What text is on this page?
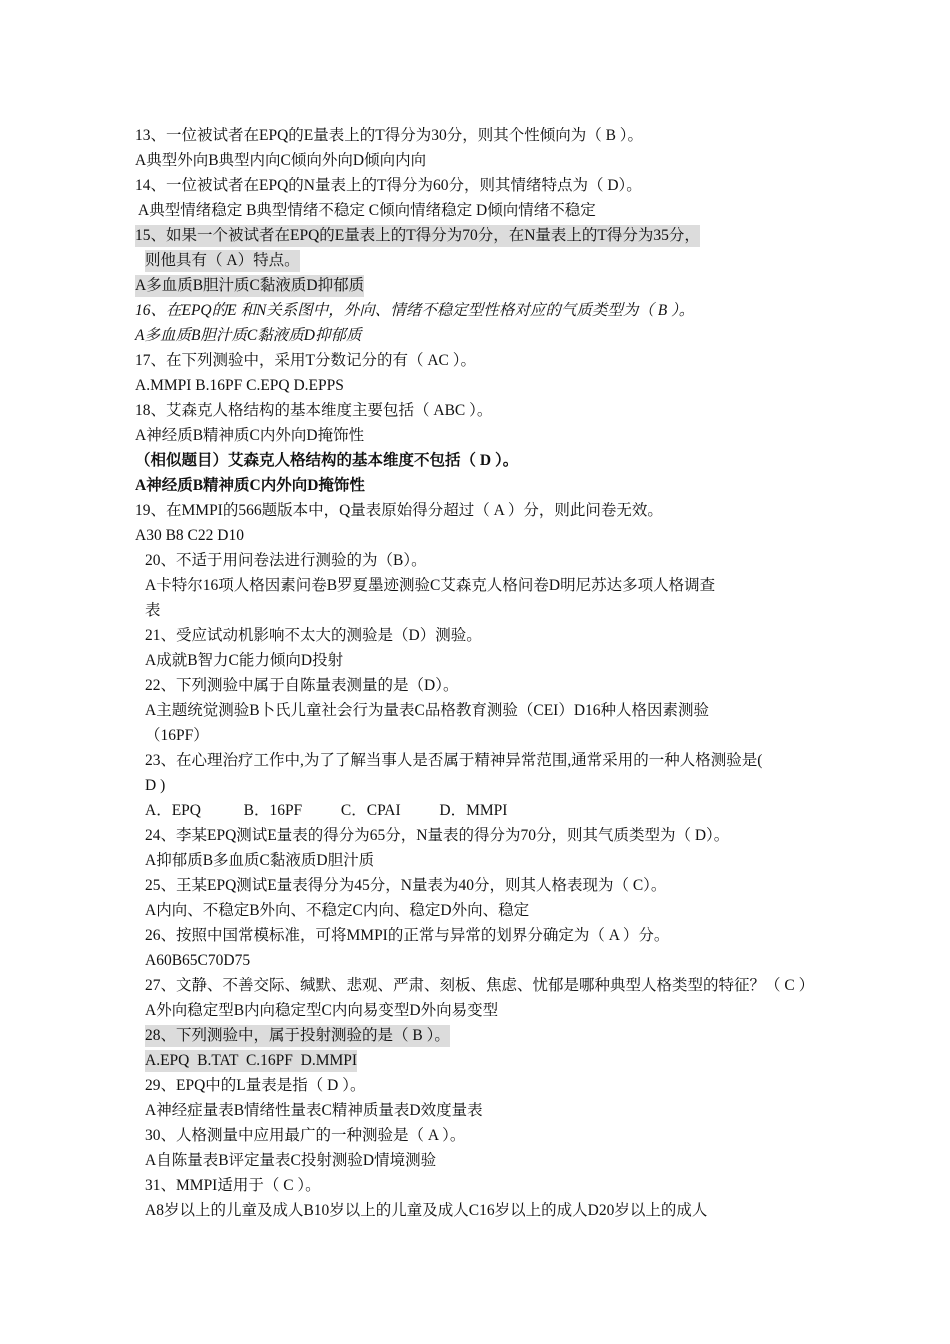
13、一位被试者在EPQ的E量表上的T得分为30分，则其个性倾向为（ B ）。
A典型外向B典型内向C倾向外向D倾向内向
14、一位被试者在EPQ的N量表上的T得分为60分，则其情绪特点为（ D）。
A典型情绪稳定 B典型情绪不稳定 C倾向情绪稳定 D倾向情绪不稳定
15、如果一个被试者在EPQ的E量表上的T得分为70分，在N量表上的T得分为35分，
则他具有（ A）特点。
A多血质B胆汁质C黏液质D抑郁质
16、在EPQ的E 和N关系图中，外向、情绪不稳定型性格对应的气质类型为（ B ）。
A多血质B胆汁质C黏液质D抑郁质
17、在下列测验中，采用T分数记分的有（ AC ）。
A.MMPI B.16PF C.EPQ D.EPPS
18、艾森克人格结构的基本维度主要包括（ ABC ）。
A神经质B精神质C内外向D掩饰性
（相似题目）艾森克人格结构的基本维度不包括（ D ）。
A神经质B精神质C内外向D掩饰性
19、在MMPI的566题版本中，Q量表原始得分超过（ A ）分，则此问卷无效。
A30 B8 C22 D10
20、不适于用问卷法进行测验的为（B）。
A卡特尔16项人格因素问卷B罗夏墨迹测验C艾森克人格问卷D明尼苏达多项人格调查
表
21、受应试动机影响不太大的测验是（D）测验。
A成就B智力C能力倾向D投射
22、下列测验中属于自陈量表测量的是（D）。
A主题统觉测验B卜氏儿童社会行为量表C品格教育测验（CEI）D16种人格因素测验
（16PF）
23、在心理治疗工作中,为了了解当事人是否属于精神异常范围,通常采用的一种人格测验是(
D )
A．EPQ           B．16PF          C．CPAI          D．MMPI
24、李某EPQ测试E量表的得分为65分，N量表的得分为70分，则其气质类型为（ D）。
A抑郁质B多血质C黏液质D胆汁质
25、王某EPQ测试E量表得分为45分，N量表为40分，则其人格表现为（ C）。
A内向、不稳定B外向、不稳定C内向、稳定D外向、稳定
26、按照中国常模标准，可将MMPI的正常与异常的划界分确定为（ A ）分。
A60B65C70D75
27、文静、不善交际、缄默、悲观、严肃、刻板、焦虑、忧郁是哪种典型人格类型的特征？（ C ）
A外向稳定型B内向稳定型C内向易变型D外向易变型
28、下列测验中，属于投射测验的是（ B ）。
A.EPQ  B.TAT  C.16PF  D.MMPI
29、EPQ中的L量表是指（ D ）。
A神经症量表B情绪性量表C精神质量表D效度量表
30、人格测量中应用最广的一种测验是（ A ）。
A自陈量表B评定量表C投射测验D情境测验
31、MMPI适用于（ C ）。
A8岁以上的儿童及成人B10岁以上的儿童及成人C16岁以上的成人D20岁以上的成人
